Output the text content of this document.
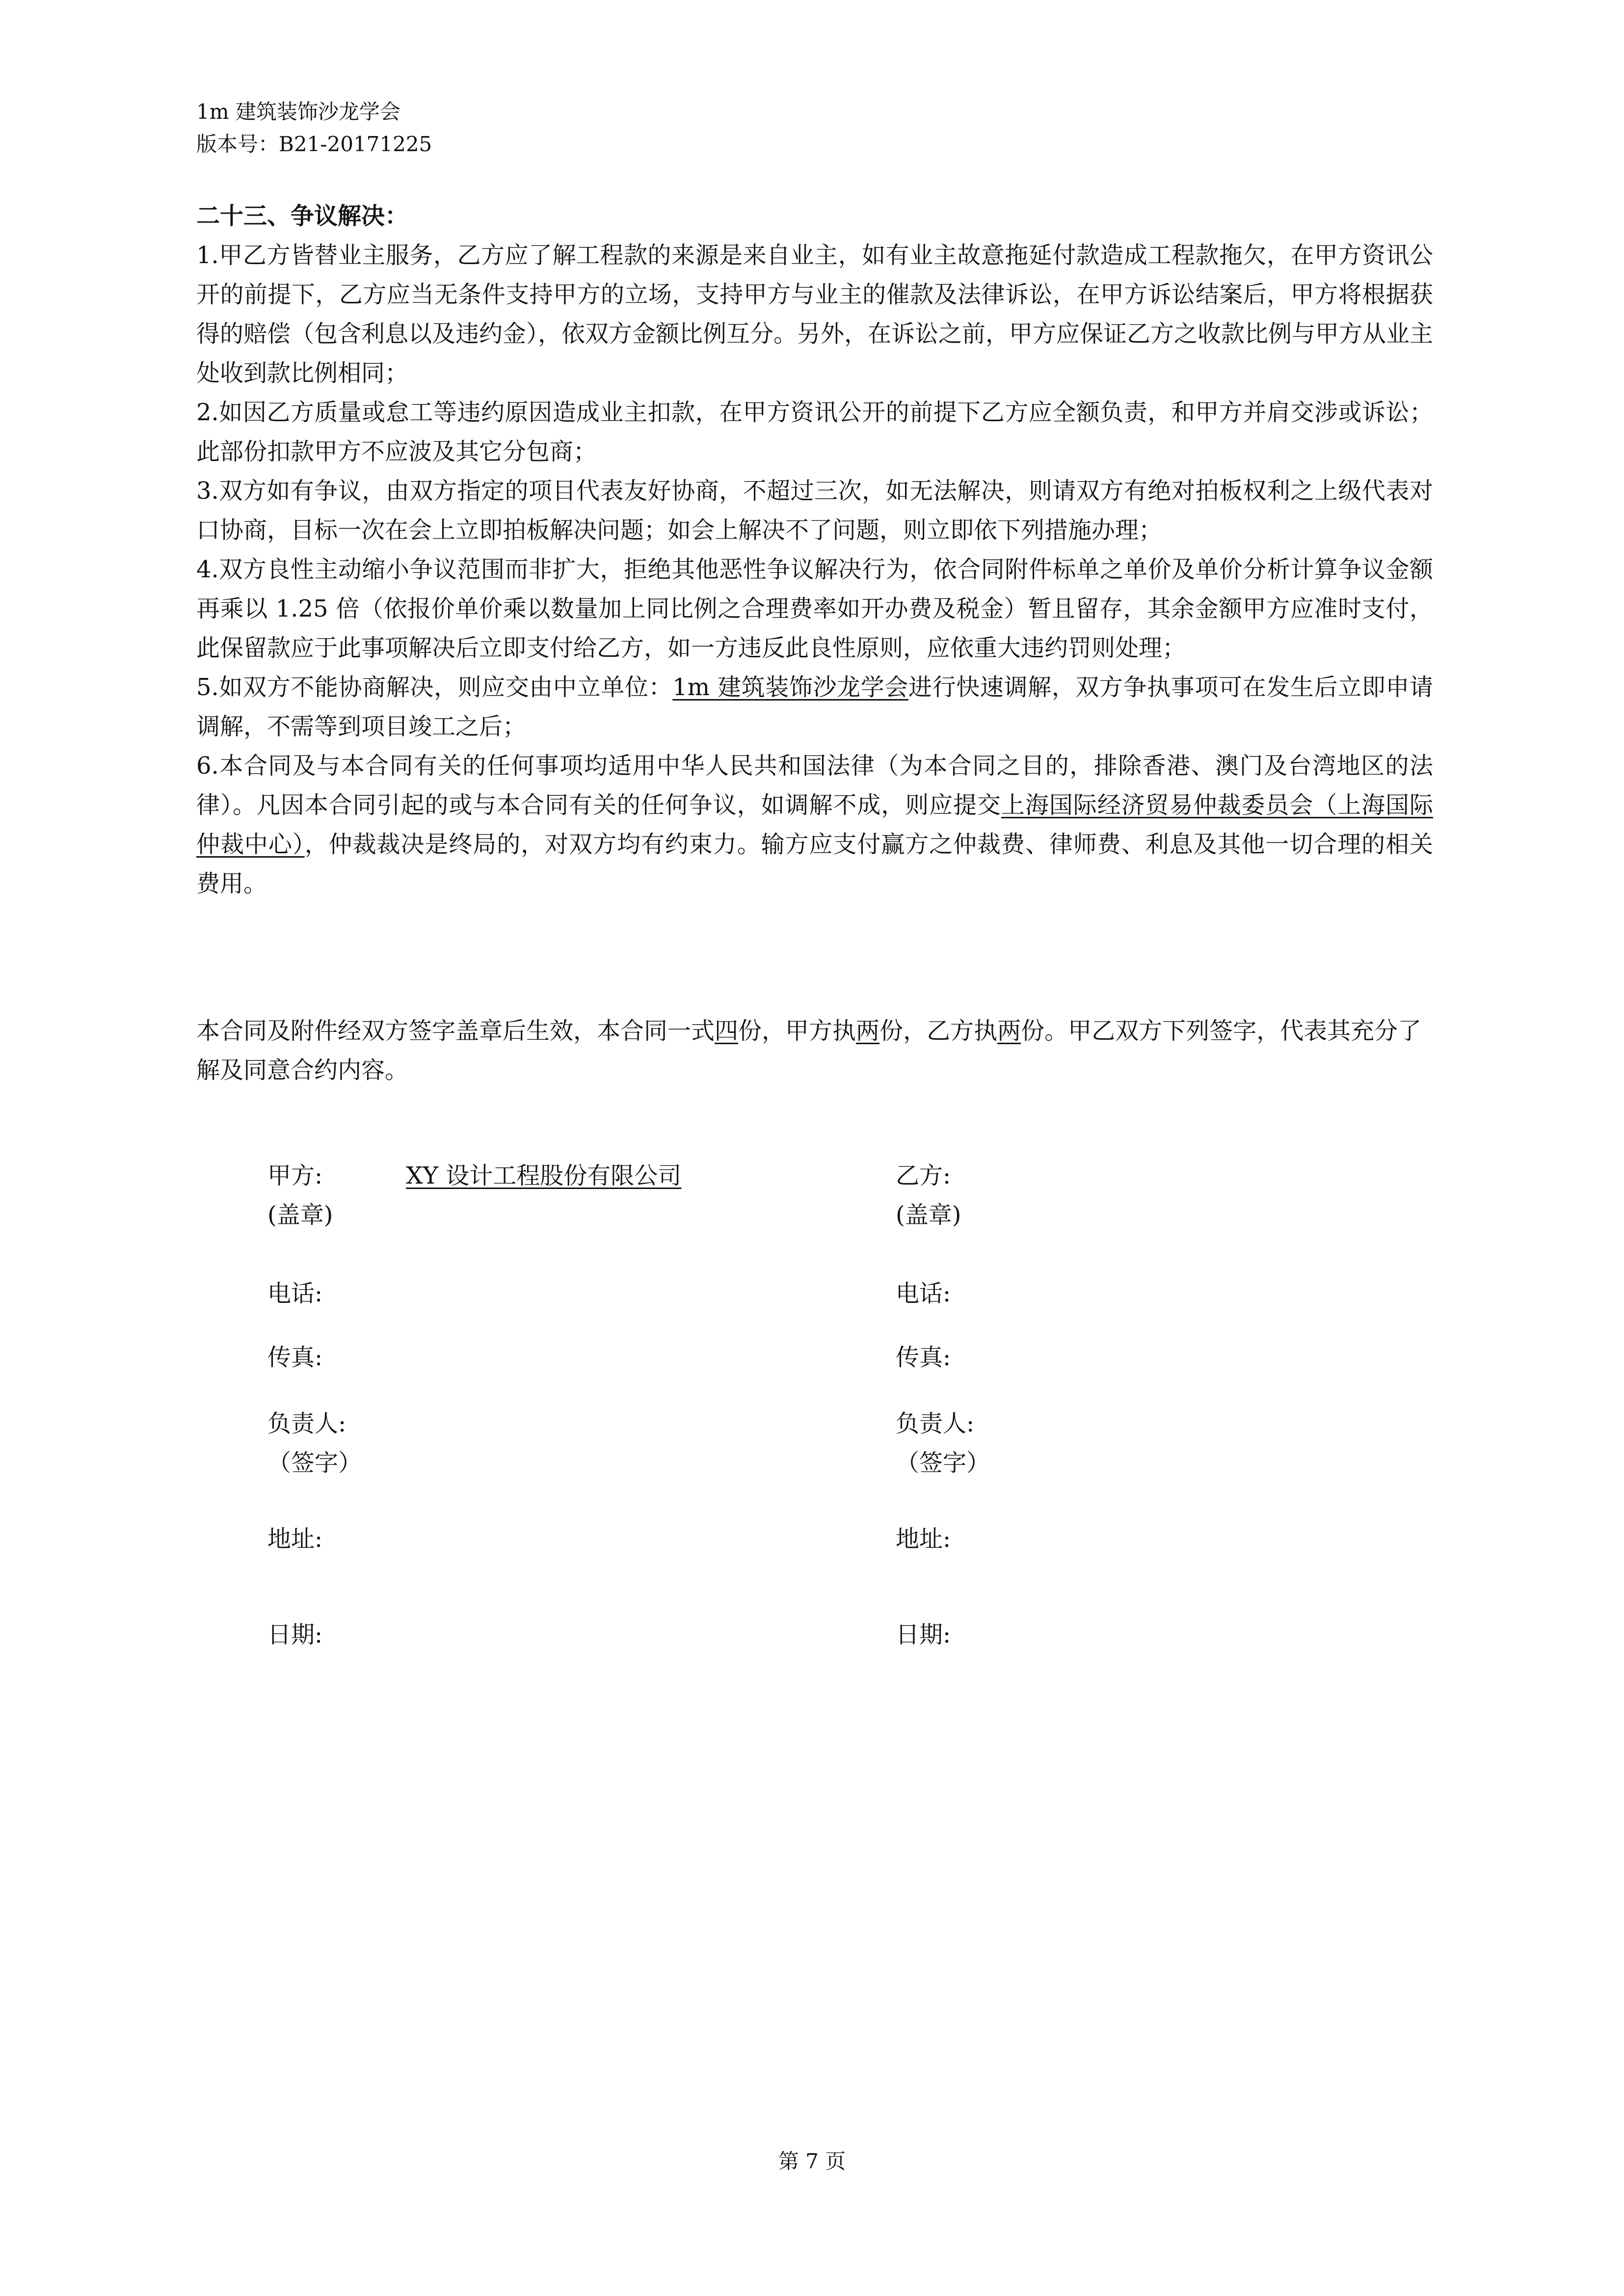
1m 建筑装饰沙龙学会
版本号：B21-20171225

二十三、争议解决：

1.甲乙方皆替业主服务，乙方应了解工程款的来源是来自业主，如有业主故意拖延付款造成工程款拖欠，在甲方资讯公开的前提下，乙方应当无条件支持甲方的立场，支持甲方与业主的催款及法律诉讼，在甲方诉讼结案后，甲方将根据获得的赔偿（包含利息以及违约金），依双方金额比例互分。另外，在诉讼之前，甲方应保证乙方之收款比例与甲方从业主处收到款比例相同；

2.如因乙方质量或怠工等违约原因造成业主扣款，在甲方资讯公开的前提下乙方应全额负责，和甲方并肩交涉或诉讼；此部份扣款甲方不应波及其它分包商；

3.双方如有争议，由双方指定的项目代表友好协商，不超过三次，如无法解决，则请双方有绝对拍板权利之上级代表对口协商，目标一次在会上立即拍板解决问题；如会上解决不了问题，则立即依下列措施办理；

4.双方良性主动缩小争议范围而非扩大，拒绝其他恶性争议解决行为，依合同附件标单之单价及单价分析计算争议金额再乘以 1.25 倍（依报价单价乘以数量加上同比例之合理费率如开办费及税金）暂且留存，其余金额甲方应准时支付，此保留款应于此事项解决后立即支付给乙方，如一方违反此良性原则，应依重大违约罚则处理；

5.如双方不能协商解决，则应交由中立单位：1m 建筑装饰沙龙学会进行快速调解，双方争执事项可在发生后立即申请调解，不需等到项目竣工之后；

6.本合同及与本合同有关的任何事项均适用中华人民共和国法律（为本合同之目的，排除香港、澳门及台湾地区的法律）。凡因本合同引起的或与本合同有关的任何争议，如调解不成，则应提交上海国际经济贸易仲裁委员会（上海国际仲裁中心），仲裁裁决是终局的，对双方均有约束力。输方应支付赢方之仲裁费、律师费、利息及其他一切合理的相关费用。

本合同及附件经双方签字盖章后生效，本合同一式四份，甲方执两份，乙方执两份。甲乙双方下列签字，代表其充分了解及同意合约内容。

甲方:	XY 设计工程股份有限公司
(盖章)
电话:
传真:
负责人:
（签字）
地址:
日期:
乙方:
(盖章)
电话:
传真:
负责人:
（签字）
地址:
日期:
第 7 页
